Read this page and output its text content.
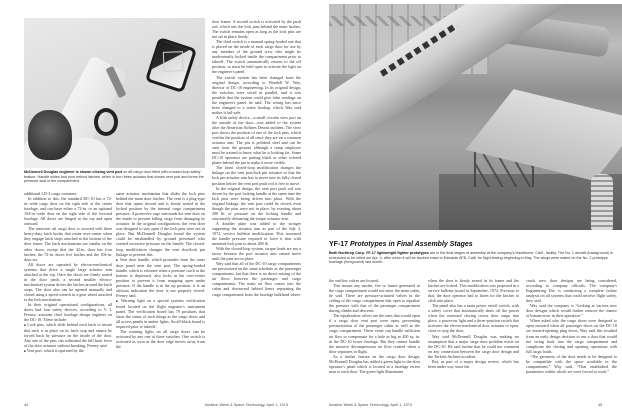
McDonnell Douglas engineer is shown closing vent port on aft cargo door fitted with crossed loop safety feature. Handle slides lock pins behind latches, which in turn frees actuator that closes vent port and forms the pressure seal in the compartment.

additional LD-3 cargo container.

In addition to this, the standard DC-10 has a 72-in.-wide cargo door on the right side of the center fuselage, and can have either a 72-in. or an optional 104-in.-wide door on the right side of the forward fuselage. All doors are hinged at the top and open outward.

The narrower aft cargo door is secured with three heavy-duty latch hooks that rotate over-center when they engage latch stops attached to the bottom of the door frame. The latch mechanisms are similar on the other doors, except that the 42-in. door has four latches, the 72-in. doors five latches and the 104-in. door six.

All doors are operated by electro-mechanical systems that drive a single large actuator arm attached at the top. Once the doors are firmly seated in the door jamb, a second smaller electro-mechanical system drives the latches around the latch stops. The door also can be opened manually and closed using a speed wrench in a gear wheel attached to the lock mechanism.

In their original operational configurations, all doors had four safety devices, according to V. J. Feeney, assistant chief fuselage design engineer on the DC-10. These include:

■ Lock pins, which slide behind each latch to insure that each is in place on its latch stop and cannot be forced back by pressure on the inside of the door. Any one of the pins can withstand the full back force of the door actuator without breaking, Feeney said.

■ Vent port, which is operated by the

same actuator mechanism that slides the lock pins behind the main door latches. The vent is a plug-type door that opens inward and is firmly seated in the locked position by the internal cargo compartment pressure. A protective cage surrounds the vent door on the inside to prevent falling cargo from damaging its actuator. In the original configuration, the vent door was designed to stay open if the lock pins were not in place. But McDonnell Douglas found the system could be mishandled by ground personnel who exerted excessive pressure on the handle. The closed-loop modification changes the vent door/lock pin linkage to prevent this.

■ Vent door handle, which protrudes from the outer door panel near the vent port. The spring-loaded handle, which is released when a pressure catch at the bottom is depressed, also locks in the over-center position to prevent it from snapping open under pressure. If the handle is in the up position, it is an obvious indication the door is not properly closed, Feeney said.

■ Warning light on a special systems verification board located on the flight engineer's instrument panel. The verification board has 79 positions that show the status of such things as the cargo doors and all access panels in amber lights. An all-black board is required prior to takeoff.

The warning lights on all cargo doors can be activated by any one of three switches. One switch is activated as soon as the door edge moves away from the

door frame. A second switch is activated by the push rod, which sets the lock pins behind the main latches. The switch remains open as long as the lock pins are not set in place firmly.

The third switch is a manual spring-loaded one that is placed on the inside of each cargo door for use by any member of the ground crew who might be inadvertently locked inside the compartment prior to takeoff. The switch automatically returns to the off position, so must be held open to activate the light on the engineer's panel.

The switch system has been changed from the original design, according to Wendell W. Way, director of DC-10 engineering. In its original design, the switches were wired in parallel, and it was possible that the system could give false readings on the engineer's panel, he said. The wiring has since been changed to a series hookup, which Way said makes it fail-safe.

A fifth safety device—a small circular view port on the outside of the door—was added to the system after the American Airlines Detroit incident. The view port shows the position of one of the lock pins, which verifies the position of all since they are on a common actuator arm. The pin is polished steel and can be seen from the ground, although a ramp employee must be trained to know what he is looking for. Some DC-10 operators are putting black or other colored plates behind the pin to make it more visible.

The latest closed-loop modification changes the linkage on the vent port/lock pin actuator so that the lock pin actuator arm has to move into its fully closed position before the vent port push rod is free to move.

In the original design, the vent port push rod was driven by the port locking handle at the same time the lock pins were being driven into place. With the original linkage, the vent port could be closed, even though the pins were not in place, by exerting about 200 lb. of pressure on the locking handle and structurally deforming the torque actuator arm.

A doubler plate was added to the stringer supporting the actuator arm as part of the July 3, 1972, service bulletin modification. This increased the handle pressure required to force it shut with unseated lock pins to about 400 lb.

With the closed-loop system, torque loads are not a factor because the port actuator arm cannot move until the pins are in place.

Way said that all of the DC-10 cargo compartments are pressurized on the same schedule as the passenger compartment, but that there is no direct mixing of the air flows between the passenger and cargo compartments. The main air flow comes into the cabin and downward behind liners separating the cargo compartment from the fuselage bulkhead where

44	Aviation Week & Space Technology, April 1, 1974
YF-17 Prototypes in Final Assembly Stages
Both Northrop Corp. YF-17 lightweight fighter prototypes are in the final stages of assembly at the company's Hawthorne, Calif., facility. The No. 1 aircraft (background) is scheduled to be rolled out Apr. 4, after which it will be trucked intact to Edwards AFB, Calif. for flight testing beginning in May. The wings were mated on the No. 2 prototype fuselage (foreground) last month.

the outflow valves are located.

This means any smoke, fire or fumes generated in the cargo compartment would not enter the main cabin, he said. There are pressure-actuated valves in the ceiling of the cargo compartment that open to equalize the pressure with that of the passenger compartment during climbs and descents.

The equalization valves are the ones that would open if a cargo door vent port were open, preventing pressurization of the passenger cabin as well as the cargo compartment. These vents can handle sufficient air flow to compensate for a hole as big as 400 sq. in. in the DC-10 lower fuselage. But they cannot handle the massive decompression air flow created when a door separates in flight.

As a further feature on the cargo door design, McDonnell Douglas has added a green light to the door operator's panel which is located in a fuselage recess near to each door. The green light illuminates

when the door is firmly seated in its frame and the latches are locked. This modification was proposed in a service bulletin issued in September, 1972. Previous to that, the door operator had to listen for the latches to click into place.

The panel also has a main power on/off switch, with a safety cover that automatically shuts off the power when the rearward closing recess door snaps into place, a power-on light and a three-position switch that activates the electro-mechanical door actuator to open, close or stop the door.

Way said McDonnell Douglas was making no assumption that a major cargo door problem exists on the DC-10. He said further that he could not comment on any connection between the cargo door design and the Turkish Airlines accident.

But, as part of a major design review, which has been under way since the

crash, new door designs are being considered, according to company officials. The company's Engineering Div. is conducting a complete failure analysis on all systems that could involve flight safety, they said.

Way said the company is “looking at various new door designs which would further remove the chance of human error in their operation.”

When asked why the cargo doors were designed to open outward when all passenger doors on the DC-10 are inward-opening plug doors, Way said this resulted from an early design decision to use a door that would not swing back into the cargo compartment and complicate the closing and opening operations with full cargo loads.

“The geometry of the door needs to be designed to be compatible with the space available in the compartment,” Way said. “That established the parameters within which we were forced to work.”

Aviation Week & Space Technology, April 1, 1974	45
